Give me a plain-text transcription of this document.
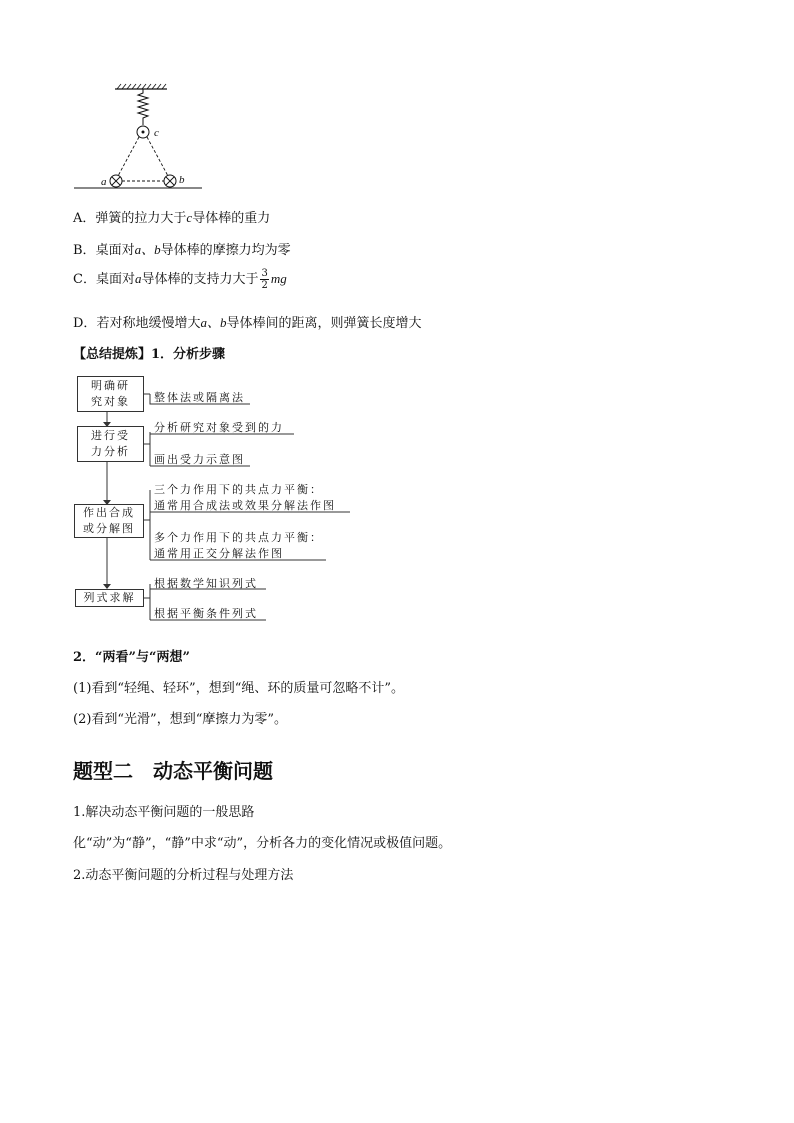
c
a	b
A．弹簧的拉力大于c导体棒的重力
B．桌面对a、b导体棒的摩擦力均为零
C．桌面对a导体棒的支持力大于 $\frac{3}{2}$ mg
D．若对称地缓慢增大a、b导体棒间的距离，则弹簧长度增大
【总结提炼】1．分析步骤
明确研
究对象
进行受
力分析
作出合成
或分解图
列式求解
整体法或隔离法
分析研究对象受到的力
画出受力示意图
三个力作用下的共点力平衡：
通常用合成法或效果分解法作图
多个力作用下的共点力平衡：
通常用正交分解法作图
根据数学知识列式
根据平衡条件列式
2．“两看”与“两想”
(1)看到“轻绳、轻环”，想到“绳、环的质量可忽略不计”。
(2)看到“光滑”，想到“摩擦力为零”。
题型二　动态平衡问题
1.解决动态平衡问题的一般思路
化“动”为“静”，“静”中求“动”，分析各力的变化情况或极值问题。
2.动态平衡问题的分析过程与处理方法
